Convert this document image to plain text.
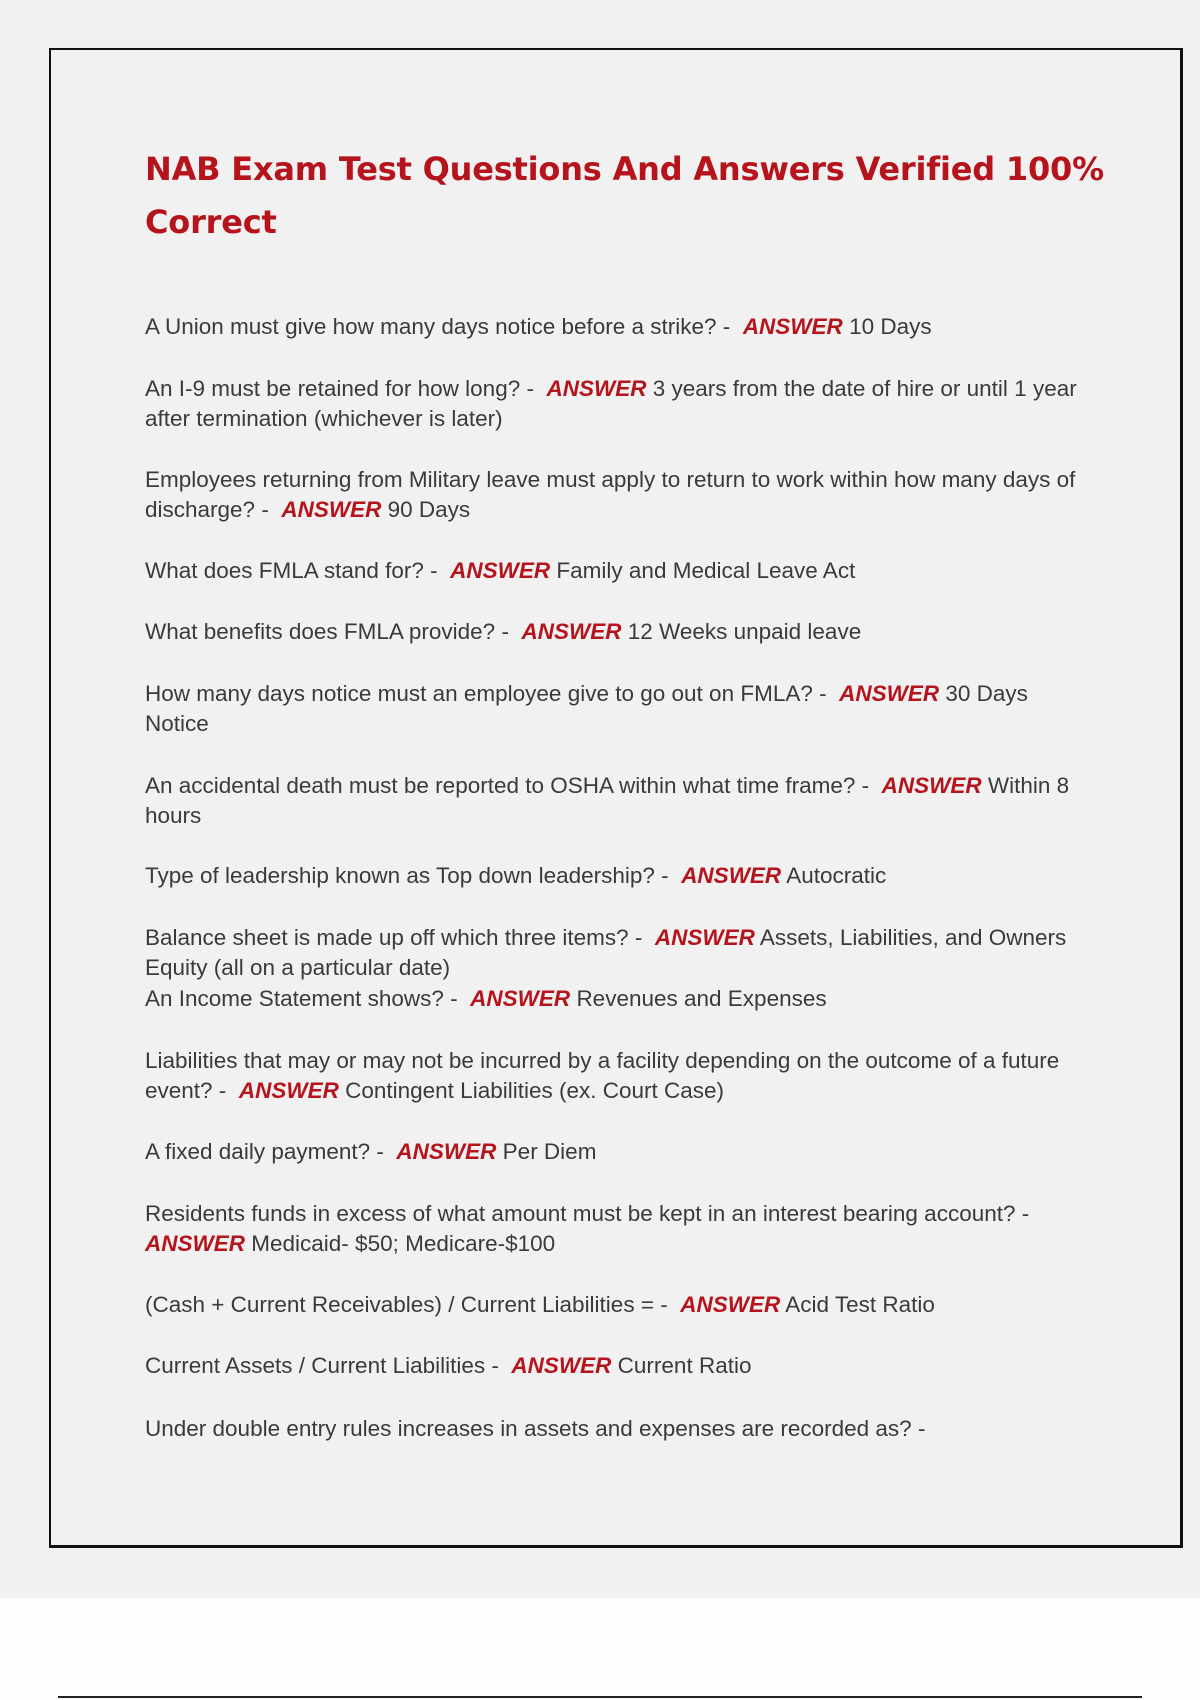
NAB Exam Test Questions And Answers Verified 100% Correct

A Union must give how many days notice before a strike? - ANSWER 10 Days

An I-9 must be retained for how long? - ANSWER 3 years from the date of hire or until 1 year after termination (whichever is later)

Employees returning from Military leave must apply to return to work within how many days of discharge? - ANSWER 90 Days

What does FMLA stand for? - ANSWER Family and Medical Leave Act

What benefits does FMLA provide? - ANSWER 12 Weeks unpaid leave

How many days notice must an employee give to go out on FMLA? - ANSWER 30 Days Notice

An accidental death must be reported to OSHA within what time frame? - ANSWER Within 8 hours

Type of leadership known as Top down leadership? - ANSWER Autocratic

Balance sheet is made up off which three items? - ANSWER Assets, Liabilities, and Owners Equity (all on a particular date)

An Income Statement shows? - ANSWER Revenues and Expenses

Liabilities that may or may not be incurred by a facility depending on the outcome of a future event? - ANSWER Contingent Liabilities (ex. Court Case)

A fixed daily payment? - ANSWER Per Diem

Residents funds in excess of what amount must be kept in an interest bearing account? -  ANSWER Medicaid- $50; Medicare-$100

(Cash + Current Receivables) / Current Liabilities = - ANSWER Acid Test Ratio

Current Assets / Current Liabilities - ANSWER Current Ratio

Under double entry rules increases in assets and expenses are recorded as? -
